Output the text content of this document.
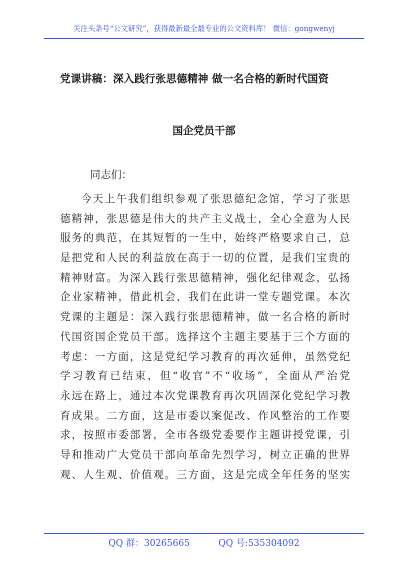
关注头条号“公文研究”，获得最新最全最专业的公文资料库！ 微信：gongwenyj
党课讲稿：深入践行张思德精神 做一名合格的新时代国资
国企党员干部
同志们：
今天上午我们组织参观了张思德纪念馆，学习了张思
德精神，张思德是伟大的共产主义战士，全心全意为人民
服务的典范，在其短暂的一生中，始终严格要求自己，总
是把党和人民的利益放在高于一切的位置，是我们宝贵的
精神财富。为深入践行张思德精神，强化纪律观念，弘扬
企业家精神，借此机会，我们在此讲一堂专题党课。本次
党课的主题是：深入践行张思德精神，做一名合格的新时
代国资国企党员干部。选择这个主题主要基于三个方面的
考虑：一方面，这是党纪学习教育的再次延伸，虽然党纪
学习教育已结束，但“收官”不“收场”，全面从严治党
永远在路上，通过本次党课教育再次巩固深化党纪学习教
育成果。二方面，这是市委以案促改、作风整治的工作要
求，按照市委部署，全市各级党委要作主题讲授党课，引
导和推动广大党员干部向革命先烈学习，树立正确的世界
观、人生观、价值观。三方面，这是完成全年任务的坚实
QQ 群：30265665          QQ 号:535304092
